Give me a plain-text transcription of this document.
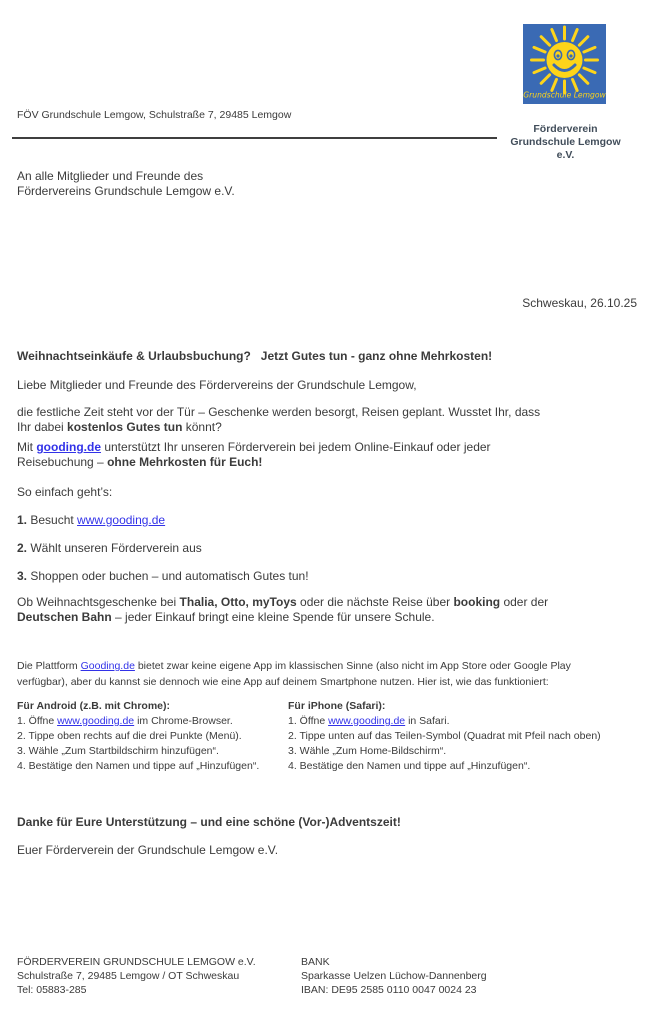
Grundschule Lemgow
FÖV Grundschule Lemgow, Schulstraße 7, 29485 Lemgow
Förderverein
Grundschule Lemgow
e.V.
An alle Mitglieder und Freunde des
Fördervereins Grundschule Lemgow e.V.
Schweskau, 26.10.25
Weihnachtseinkäufe & Urlaubsbuchung?   Jetzt Gutes tun - ganz ohne Mehrkosten!
Liebe Mitglieder und Freunde des Fördervereins der Grundschule Lemgow,
die festliche Zeit steht vor der Tür – Geschenke werden besorgt, Reisen geplant. Wusstet Ihr, dass
Ihr dabei kostenlos Gutes tun könnt?
Mit gooding.de unterstützt Ihr unseren Förderverein bei jedem Online-Einkauf oder jeder
Reisebuchung – ohne Mehrkosten für Euch!
So einfach geht’s:
1. Besucht www.gooding.de
2. Wählt unseren Förderverein aus
3. Shoppen oder buchen – und automatisch Gutes tun!
Ob Weihnachtsgeschenke bei Thalia, Otto, myToys oder die nächste Reise über booking oder der
Deutschen Bahn – jeder Einkauf bringt eine kleine Spende für unsere Schule.
Die Plattform Gooding.de bietet zwar keine eigene App im klassischen Sinne (also nicht im App Store oder Google Play
verfügbar), aber du kannst sie dennoch wie eine App auf deinem Smartphone nutzen. Hier ist, wie das funktioniert:
Für Android (z.B. mit Chrome):
1. Öffne www.gooding.de im Chrome-Browser.
2. Tippe oben rechts auf die drei Punkte (Menü).
3. Wähle „Zum Startbildschirm hinzufügen“.
4. Bestätige den Namen und tippe auf „Hinzufügen“.
Für iPhone (Safari):
1. Öffne www.gooding.de in Safari.
2. Tippe unten auf das Teilen-Symbol (Quadrat mit Pfeil nach oben)
3. Wähle „Zum Home-Bildschirm“.
4. Bestätige den Namen und tippe auf „Hinzufügen“.
Danke für Eure Unterstützung – und eine schöne (Vor-)Adventszeit!
Euer Förderverein der Grundschule Lemgow e.V.
FÖRDERVEREIN GRUNDSCHULE LEMGOW e.V.
Schulstraße 7, 29485 Lemgow / OT Schweskau
Tel: 05883-285
BANK
Sparkasse Uelzen Lüchow-Dannenberg
IBAN: DE95 2585 0110 0047 0024 23
